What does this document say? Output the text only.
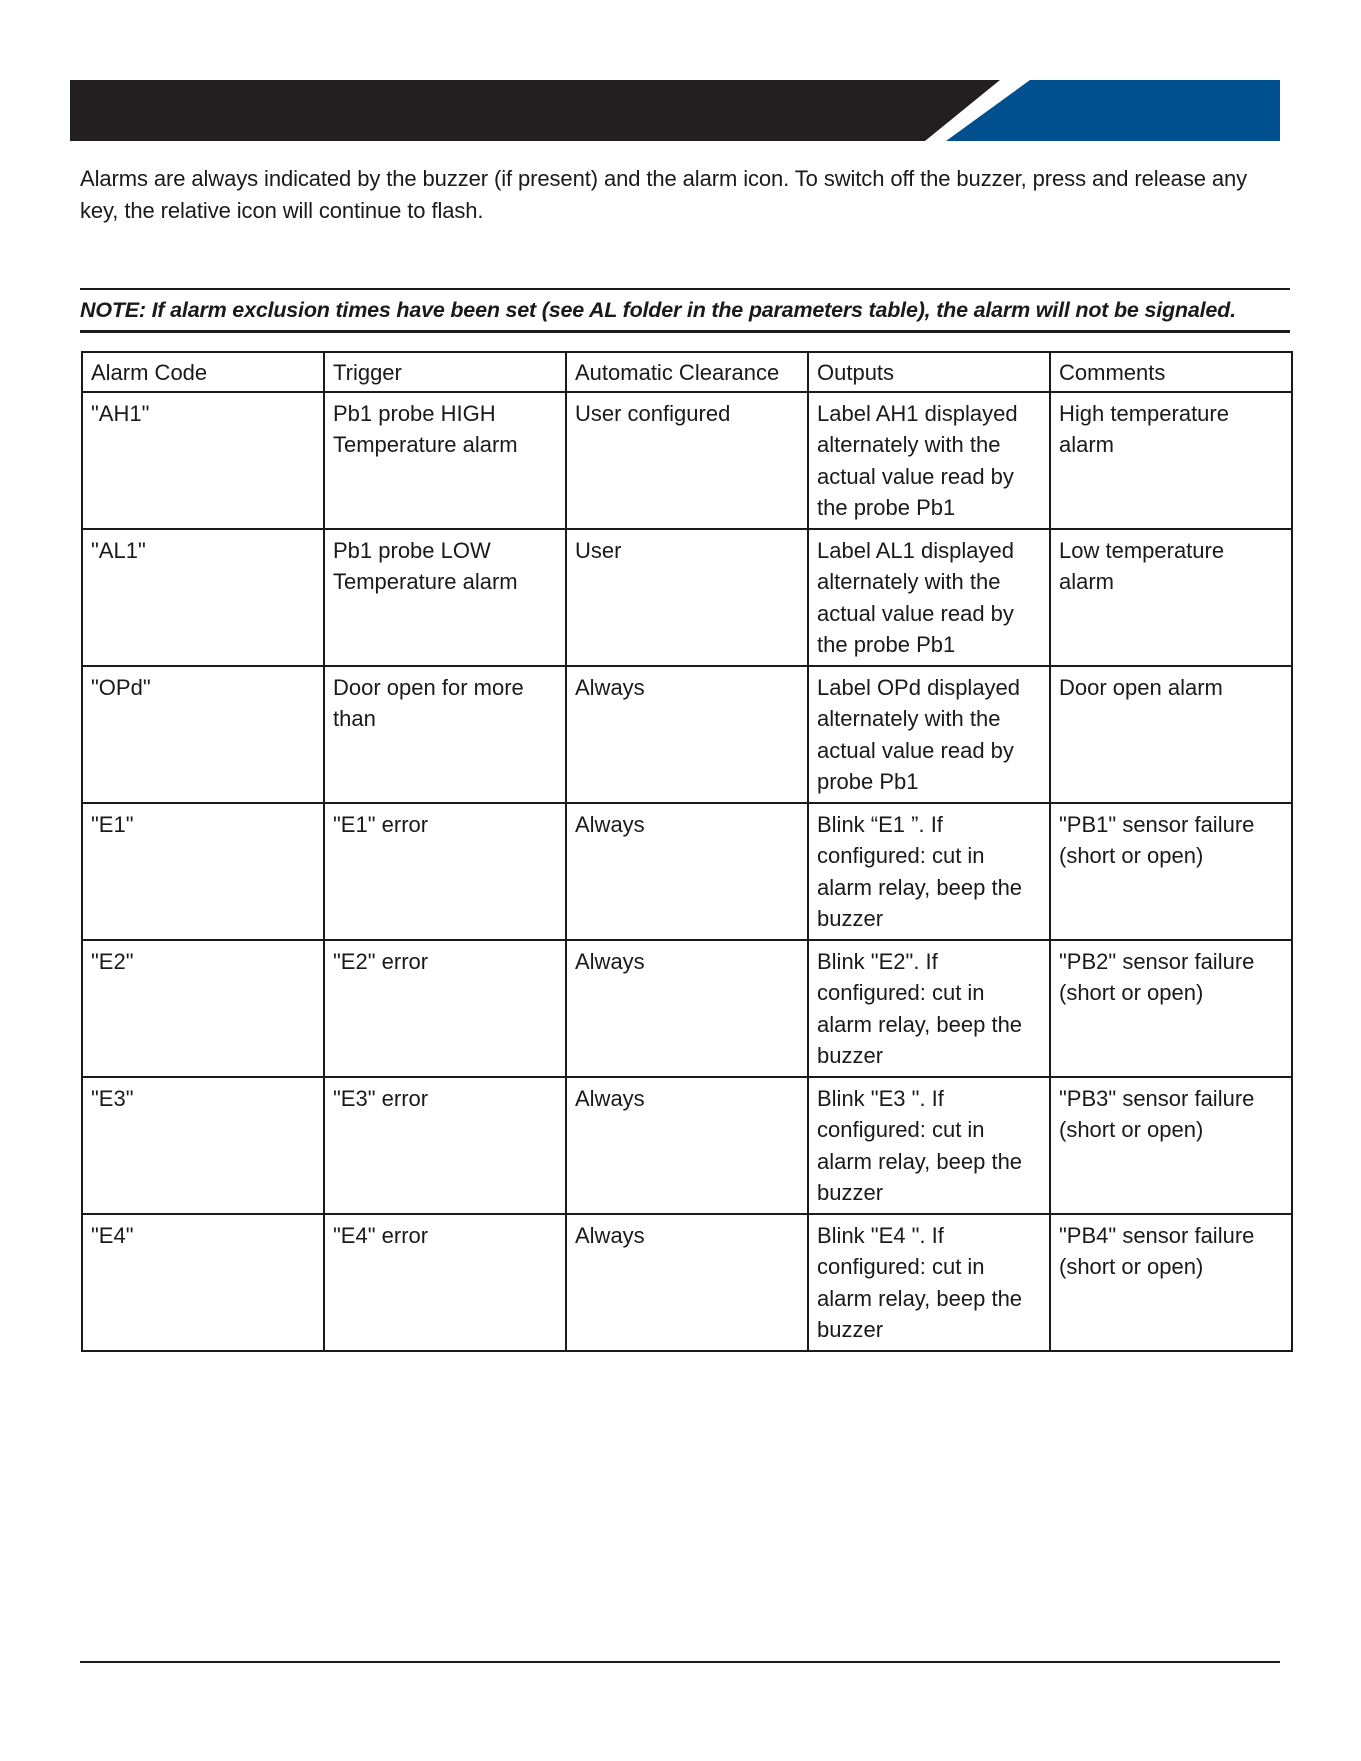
Alarms are always indicated by the buzzer (if present) and the alarm icon. To switch off the buzzer, press and release any key, the relative icon will continue to flash.
NOTE: If alarm exclusion times have been set (see AL folder in the parameters table), the alarm will not be signaled.
Alarm Code	Trigger	Automatic Clearance	Outputs	Comments
"AH1"	Pb1 probe HIGH Temperature alarm	User configured	Label AH1 displayed alternately with the actual value read by the probe Pb1	High temperature alarm
"AL1"	Pb1 probe LOW Temperature alarm	User	Label AL1 displayed alternately with the actual value read by the probe Pb1	Low temperature alarm
"OPd"	Door open for more than	Always	Label OPd displayed alternately with the actual value read by probe Pb1	Door open alarm
"E1"	"E1" error	Always	Blink “E1 ”. If configured: cut in alarm relay, beep the buzzer	"PB1" sensor failure (short or open)
"E2"	"E2" error	Always	Blink "E2". If configured: cut in alarm relay, beep the buzzer	"PB2" sensor failure (short or open)
"E3"	"E3" error	Always	Blink "E3 ". If configured: cut in alarm relay, beep the buzzer	"PB3" sensor failure (short or open)
"E4"	"E4" error	Always	Blink "E4 ". If configured: cut in alarm relay, beep the buzzer	"PB4" sensor failure (short or open)
